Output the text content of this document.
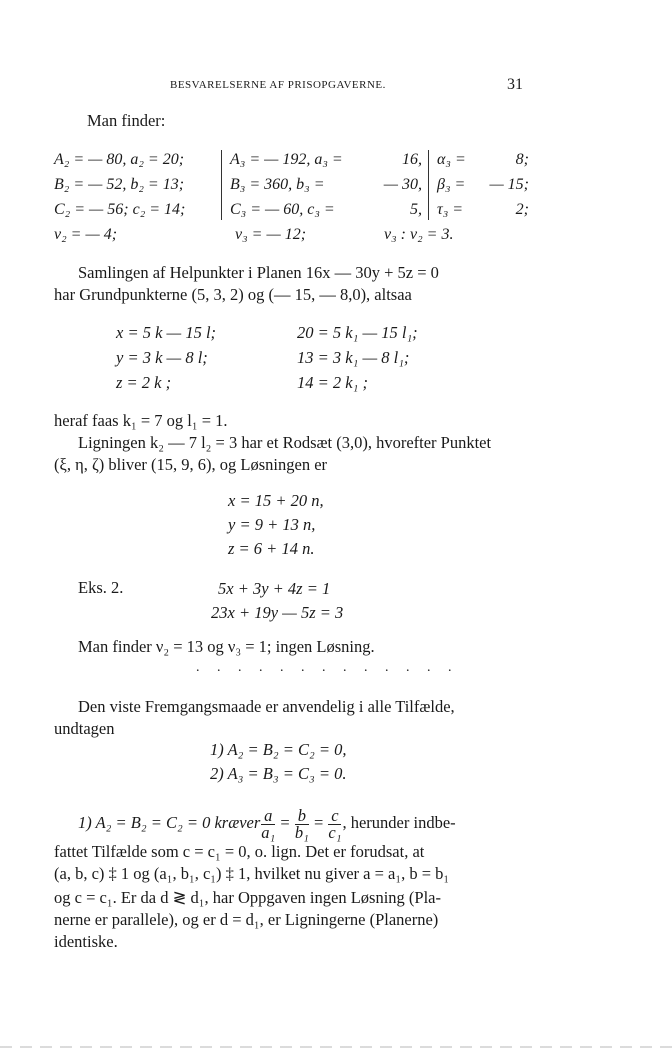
BESVARELSERNE AF PRISOPGAVERNE.	31
Man finder:
A₂ = — 80, a₂ = 20;
B₂ = — 52, b₂ = 13;
C₂ = — 56; c₂ = 14;
ν₂ = — 4;
A₃ = — 192, a₃ =
B₃ = 360, b₃ =
C₃ = — 60, c₃ =
ν₃ = — 12;
16,
— 30,
5,
α₃ =
β₃ =
τ₃ =
8;
— 15;
2;
ν₃ : ν₂ = 3.
Samlingen af Helpunkter i Planen 16x — 30y + 5z = 0
har Grundpunkterne (5, 3, 2) og (— 15, — 8,0), altsaa
x = 5 k — 15 l;
y = 3 k — 8 l;
z = 2 k ;
20 = 5 k₁ — 15 l₁;
13 = 3 k₁ — 8 l₁;
14 = 2 k₁ ;
heraf faas k₁ = 7 og l₁ = 1.
Ligningen k₂ — 7 l₂ = 3 har et Rodsæt (3,0), hvorefter Punktet
(ξ, η, ζ) bliver (15, 9, 6), og Løsningen er
x = 15 + 20 n,
y = 9 + 13 n,
z = 6 + 14 n.
Eks. 2.	5x + 3y + 4z = 1
23x + 19y — 5z = 3
Man finder ν₂ = 13 og ν₃ = 1; ingen Løsning.
. . . . . . . . . . . . .
Den viste Fremgangsmaade er anvendelig i alle Tilfælde,
undtagen
1) A₂ = B₂ = C₂ = 0,
2) A₃ = B₃ = C₃ = 0.
1) A₂ = B₂ = C₂ = 0 kræver $\frac{a}{\text{a₁}} = \frac{b}{\text{b₁}} = \frac{c}{\text{c₁}}$ , herunder indbe-
fattet Tilfælde som c = c₁ = 0, o. lign. Det er forudsat, at
(a, b, c) ‡ 1 og (a₁, b₁, c₁) ‡ 1, hvilket nu giver a = a₁, b = b₁
og c = c₁. Er da d ≷ d₁, har Oppgaven ingen Løsning (Pla-
nerne er parallele), og er d = d₁, er Ligningerne (Planerne)
identiske.
